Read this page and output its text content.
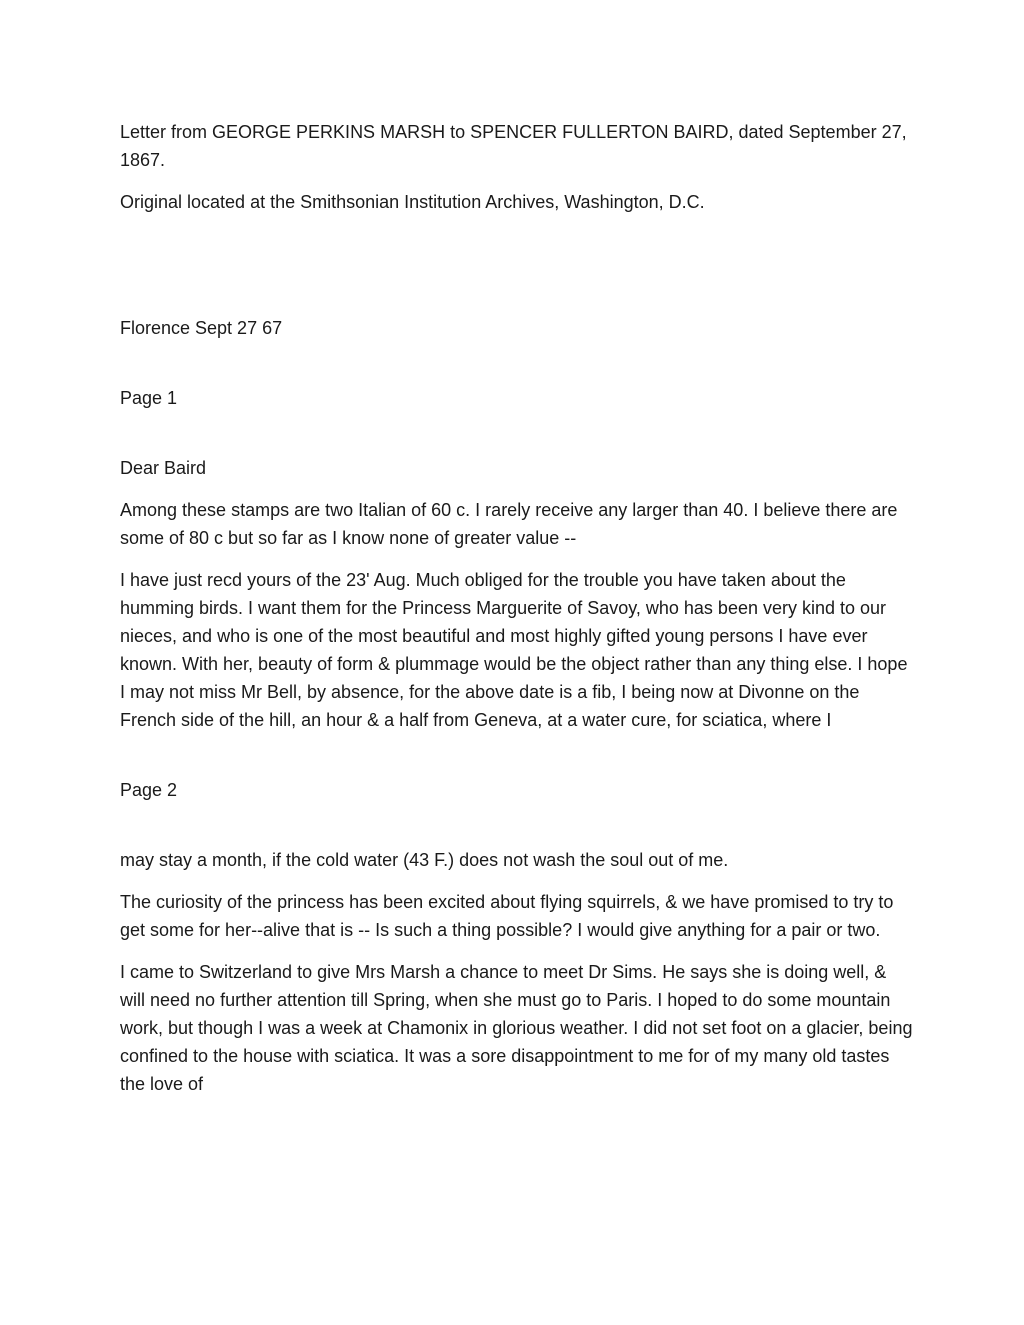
Letter from GEORGE PERKINS MARSH to SPENCER FULLERTON BAIRD, dated September 27, 1867.

Original located at the Smithsonian Institution Archives, Washington, D.C.

Florence Sept 27 67

Page 1

Dear Baird

Among these stamps are two Italian of 60 c. I rarely receive any larger than 40. I believe there are some of 80 c but so far as I know none of greater value --

I have just recd yours of the 23' Aug. Much obliged for the trouble you have taken about the humming birds. I want them for the Princess Marguerite of Savoy, who has been very kind to our nieces, and who is one of the most beautiful and most highly gifted young persons I have ever known. With her, beauty of form & plummage would be the object rather than any thing else. I hope I may not miss Mr Bell, by absence, for the above date is a fib, I being now at Divonne on the French side of the hill, an hour & a half from Geneva, at a water cure, for sciatica, where I

Page 2

may stay a month, if the cold water (43 F.) does not wash the soul out of me.

The curiosity of the princess has been excited about flying squirrels, & we have promised to try to get some for her--alive that is -- Is such a thing possible? I would give anything for a pair or two.

I came to Switzerland to give Mrs Marsh a chance to meet Dr Sims. He says she is doing well, & will need no further attention till Spring, when she must go to Paris. I hoped to do some mountain work, but though I was a week at Chamonix in glorious weather. I did not set foot on a glacier, being confined to the house with sciatica. It was a sore disappointment to me for of my many old tastes the love of
